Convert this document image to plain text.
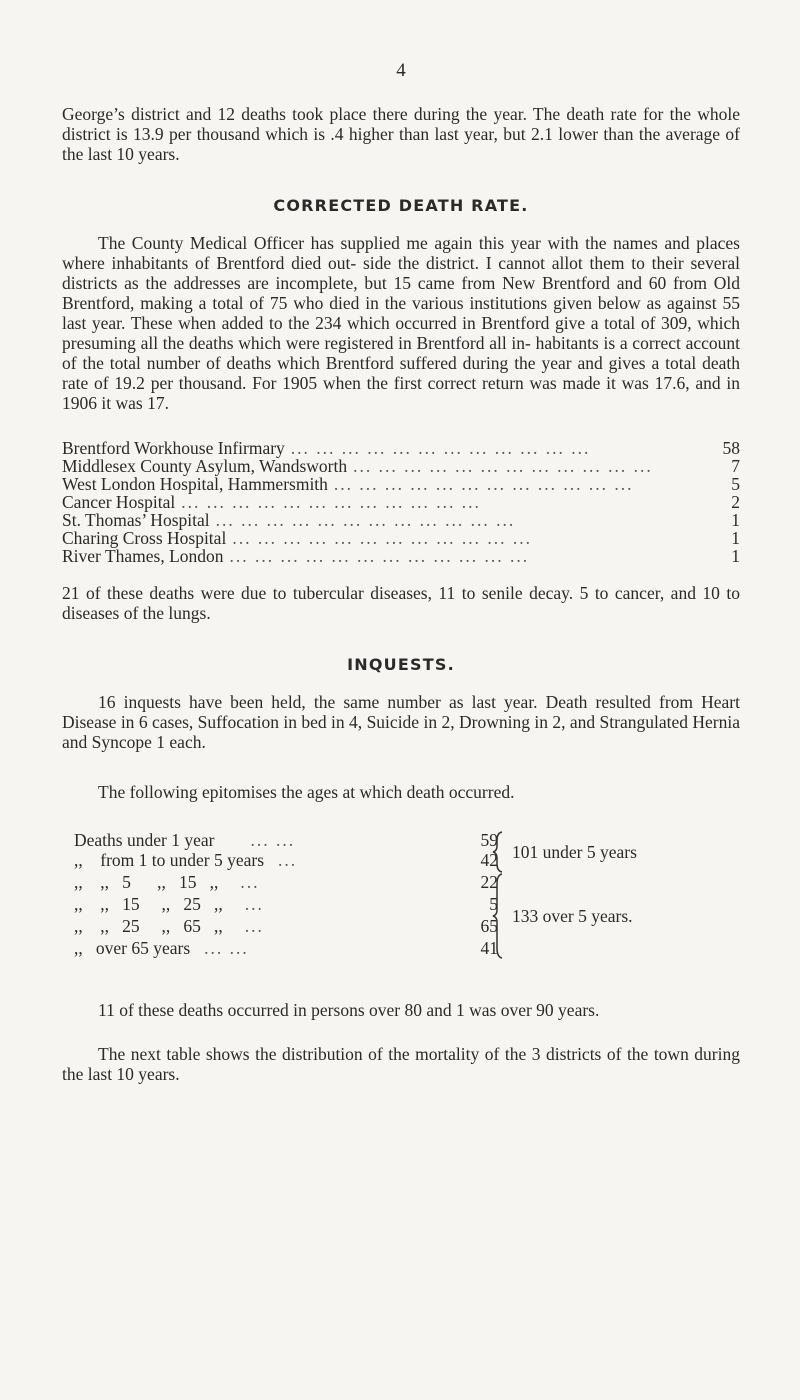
4

George’s district and 12 deaths took place there during the year. The death rate for the whole district is 13.9 per thousand which is .4 higher than last year, but 2.1 lower than the average of the last 10 years.

CORRECTED DEATH RATE.

The County Medical Officer has supplied me again this year with the names and places where inhabitants of Brentford died out- side the district. I cannot allot them to their several districts as the addresses are incomplete, but 15 came from New Brentford and 60 from Old Brentford, making a total of 75 who died in the various institutions given below as against 55 last year. These when added to the 234 which occurred in Brentford give a total of 309, which presuming all the deaths which were registered in Brentford all in- habitants is a correct account of the total number of deaths which Brentford suffered during the year and gives a total death rate of 19.2 per thousand. For 1905 when the first correct return was made it was 17.6, and in 1906 it was 17.

Brentford Workhouse Infirmary ... ... ... ... ... ... ... ... ... ... ... ...	58
Middlesex County Asylum, Wandsworth ... ... ... ... ... ... ... ... ... ... ... ...	7
West London Hospital, Hammersmith ... ... ... ... ... ... ... ... ... ... ... ...	5
Cancer Hospital ... ... ... ... ... ... ... ... ... ... ... ...	2
St. Thomas’ Hospital ... ... ... ... ... ... ... ... ... ... ... ...	1
Charing Cross Hospital ... ... ... ... ... ... ... ... ... ... ... ...	1
River Thames, London ... ... ... ... ... ... ... ... ... ... ... ...	1

21 of these deaths were due to tubercular diseases, 11 to senile decay. 5 to cancer, and 10 to diseases of the lungs.

INQUESTS.

16 inquests have been held, the same number as last year. Death resulted from Heart Disease in 6 cases, Suffocation in bed in 4, Suicide in 2, Drowning in 2, and Strangulated Hernia and Syncope 1 each.

The following epitomises the ages at which death occurred.

Deaths under 1 year ... ...	59
,,    from 1 to under 5 years ...	42
,,    ,,   5      ,,   15   ,, ...	22
,,    ,,   15     ,,   25   ,, ...	5
,,    ,,   25     ,,   65   ,, ...	65
,,   over 65 years ... ...	41
101 under 5 years
133 over 5 years.

11 of these deaths occurred in persons over 80 and 1 was over 90 years.

The next table shows the distribution of the mortality of the 3 districts of the town during the last 10 years.
